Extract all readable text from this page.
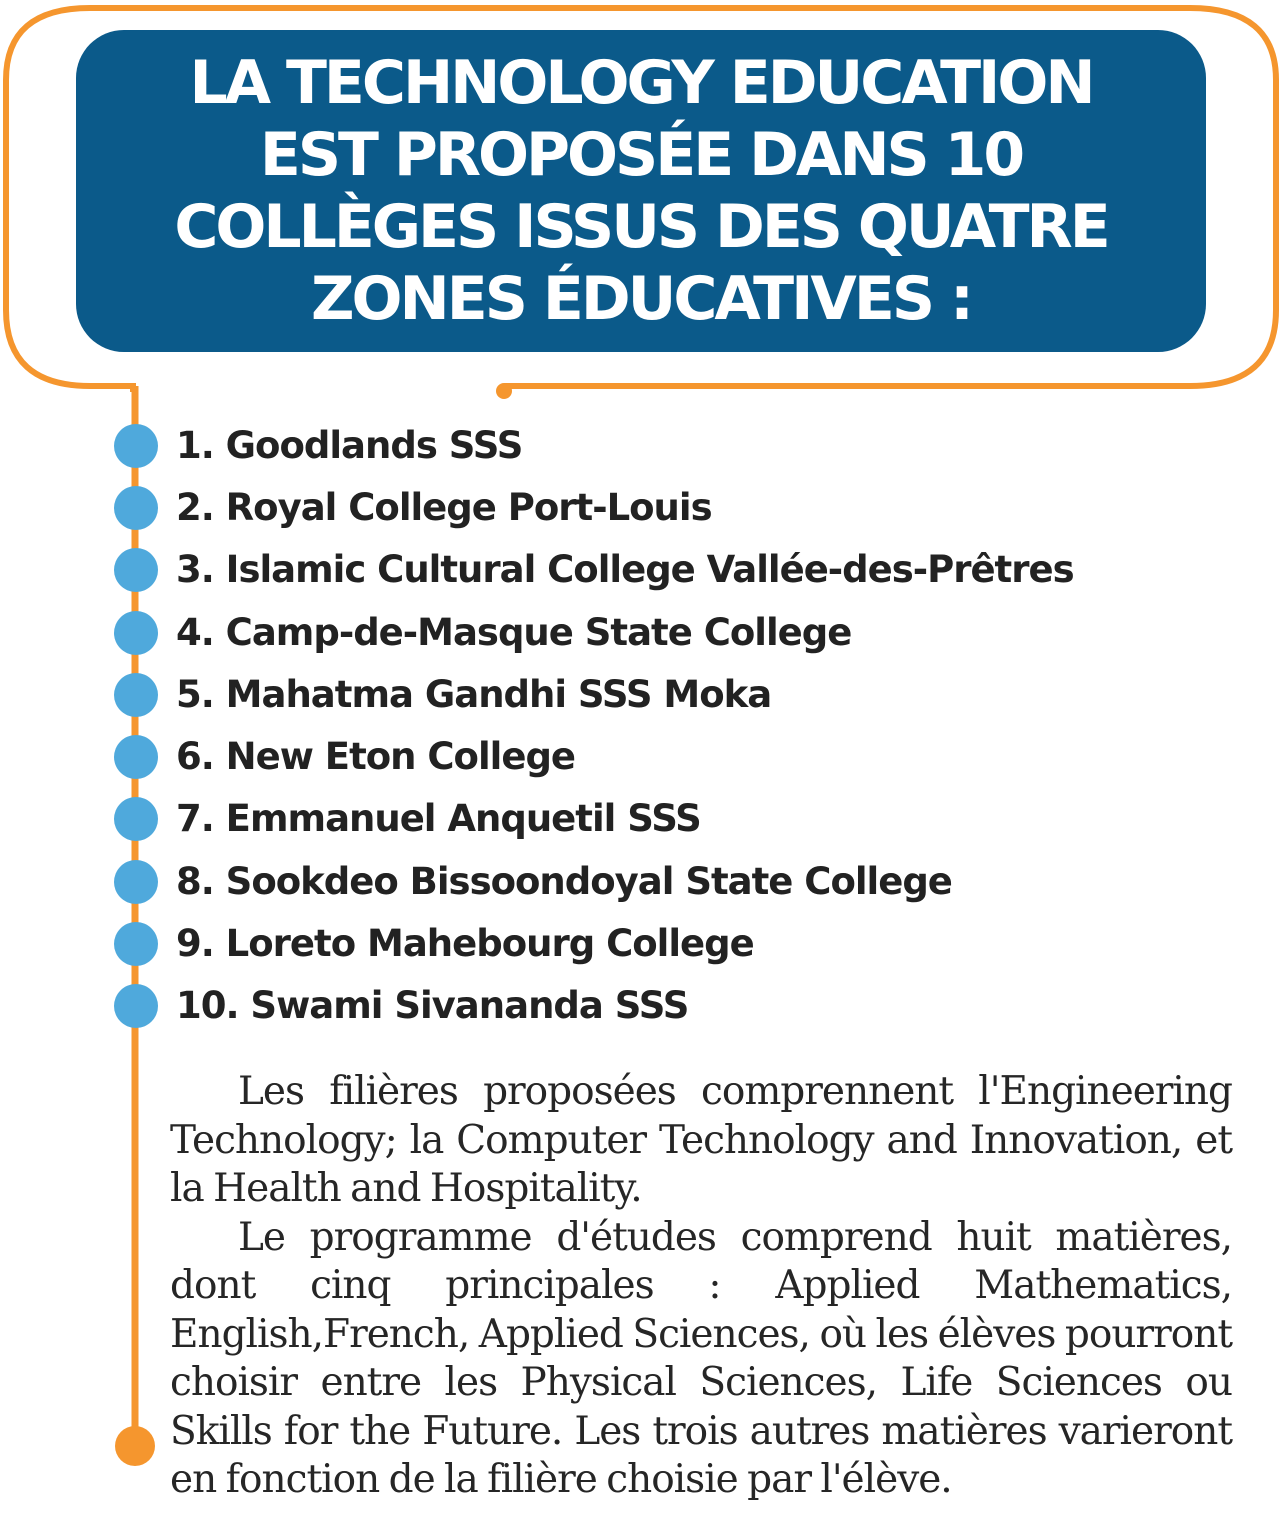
LA TECHNOLOGY EDUCATION
EST PROPOSÉE DANS 10
COLLÈGES ISSUS DES QUATRE
ZONES ÉDUCATIVES :
1. Goodlands SSS
2. Royal College Port-Louis
3. Islamic Cultural College Vallée-des-Prêtres
4. Camp-de-Masque State College
5. Mahatma Gandhi SSS Moka
6. New Eton College
7. Emmanuel Anquetil SSS
8. Sookdeo Bissoondoyal State College
9. Loreto Mahebourg College
10. Swami Sivananda SSS

Les filières proposées comprennent l'Engineering Technology; la Computer Technology and Innovation, et la Health and Hospitality.

Le programme d'études comprend huit matières, dont cinq principales : Applied Mathematics, English,French, Applied Sciences, où les élèves pourront choisir entre les Physical Sciences, Life Sciences ou Skills for the Future. Les trois autres matières varieront en fonction de la filière choisie par l'élève.
